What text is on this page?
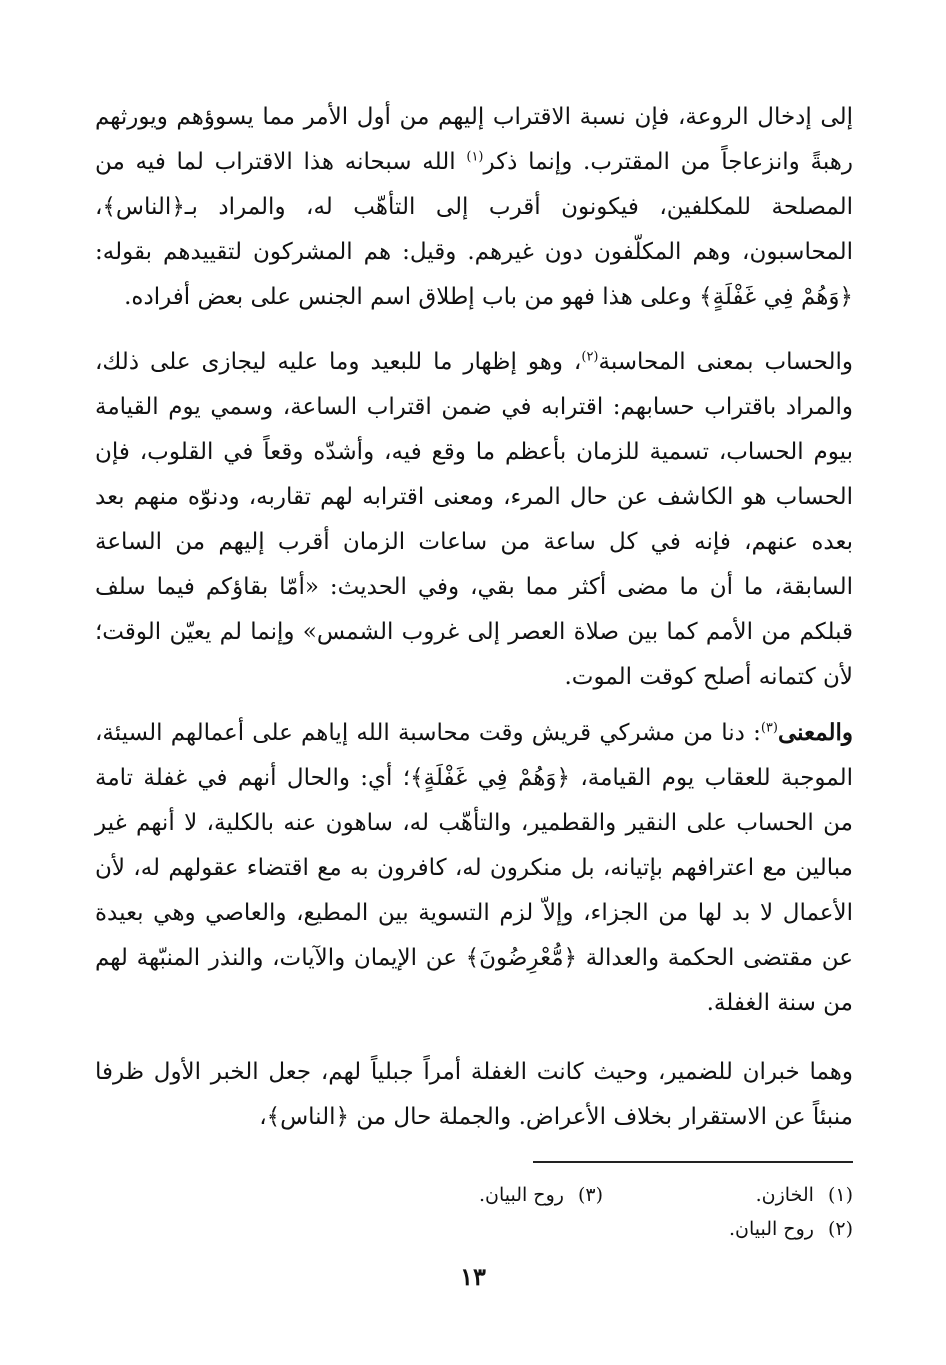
إلى إدخال الروعة، فإن نسبة الاقتراب إليهم من أول الأمر مما يسوؤهم ويورثهم رهبةً وانزعاجاً من المقترب. وإنما ذكر$^{(١)}$ الله سبحانه هذا الاقتراب لما فيه من المصلحة للمكلفين، فيكونون أقرب إلى التأهّب له، والمراد بـ﴿الناس﴾، المحاسبون، وهم المكلّفون دون غيرهم. وقيل: هم المشركون لتقييدهم بقوله: ﴿وَهُمْ فِي غَفْلَةٍ﴾ وعلى هذا فهو من باب إطلاق اسم الجنس على بعض أفراده.

والحساب بمعنى المحاسبة$^{(٢)}$، وهو إظهار ما للبعيد وما عليه ليجازى على ذلك، والمراد باقتراب حسابهم: اقترابه في ضمن اقتراب الساعة، وسمي يوم القيامة بيوم الحساب، تسمية للزمان بأعظم ما وقع فيه، وأشدّه وقعاً في القلوب، فإن الحساب هو الكاشف عن حال المرء، ومعنى اقترابه لهم تقاربه، ودنوّه منهم بعد بعده عنهم، فإنه في كل ساعة من ساعات الزمان أقرب إليهم من الساعة السابقة، ما أن ما مضى أكثر مما بقي، وفي الحديث: «أمّا بقاؤكم فيما سلف قبلكم من الأمم كما بين صلاة العصر إلى غروب الشمس» وإنما لم يعيّن الوقت؛ لأن كتمانه أصلح كوقت الموت.

والمعنى$^{(٣)}$: دنا من مشركي قريش وقت محاسبة الله إياهم على أعمالهم السيئة، الموجبة للعقاب يوم القيامة، ﴿وَهُمْ فِي غَفْلَةٍ﴾؛ أي: والحال أنهم في غفلة تامة من الحساب على النقير والقطمير، والتأهّب له، ساهون عنه بالكلية، لا أنهم غير مبالين مع اعترافهم بإتيانه، بل منكرون له، كافرون به مع اقتضاء عقولهم له، لأن الأعمال لا بد لها من الجزاء، وإلاّ لزم التسوية بين المطيع، والعاصي وهي بعيدة عن مقتضى الحكمة والعدالة ﴿مُّعْرِضُونَ﴾ عن الإيمان والآيات، والنذر المنبّهة لهم من سنة الغفلة.

وهما خبران للضمير، وحيث كانت الغفلة أمراً جبلياً لهم، جعل الخبر الأول ظرفا منبئاً عن الاستقرار بخلاف الأعراض. والجملة حال من ﴿الناس﴾،

(١)الخازن.
(٣)روح البيان.
(٢)روح البيان.
١٣
